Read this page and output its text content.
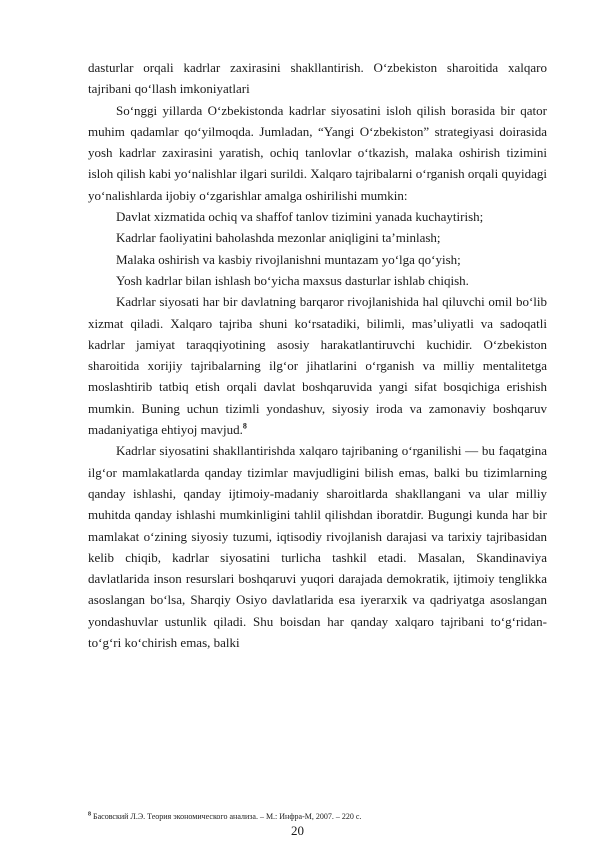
dasturlar orqali kadrlar zaxirasini shakllantirish. O‘zbekiston sharoitida xalqaro tajribani qo‘llash imkoniyatlari

So‘nggi yillarda O‘zbekistonda kadrlar siyosatini isloh qilish borasida bir qator muhim qadamlar qo‘yilmoqda. Jumladan, “Yangi O‘zbekiston” strategiyasi doirasida yosh kadrlar zaxirasini yaratish, ochiq tanlovlar o‘tkazish, malaka oshirish tizimini isloh qilish kabi yo‘nalishlar ilgari surildi. Xalqaro tajribalarni o‘rganish orqali quyidagi yo‘nalishlarda ijobiy o‘zgarishlar amalga oshirilishi mumkin:

Davlat xizmatida ochiq va shaffof tanlov tizimini yanada kuchaytirish;

Kadrlar faoliyatini baholashda mezonlar aniqligini ta’minlash;

Malaka oshirish va kasbiy rivojlanishni muntazam yo‘lga qo‘yish;

Yosh kadrlar bilan ishlash bo‘yicha maxsus dasturlar ishlab chiqish.

Kadrlar siyosati har bir davlatning barqaror rivojlanishida hal qiluvchi omil bo‘lib xizmat qiladi. Xalqaro tajriba shuni ko‘rsatadiki, bilimli, mas’uliyatli va sadoqatli kadrlar jamiyat taraqqiyotining asosiy harakatlantiruvchi kuchidir. O‘zbekiston sharoitida xorijiy tajribalarning ilg‘or jihatlarini o‘rganish va milliy mentalitetga moslashtirib tatbiq etish orqali davlat boshqaruvida yangi sifat bosqichiga erishish mumkin. Buning uchun tizimli yondashuv, siyosiy iroda va zamonaviy boshqaruv madaniyatiga ehtiyoj mavjud.$^8$

Kadrlar siyosatini shakllantirishda xalqaro tajribaning o‘rganilishi — bu faqatgina ilg‘or mamlakatlarda qanday tizimlar mavjudligini bilish emas, balki bu tizimlarning qanday ishlashi, qanday ijtimoiy-madaniy sharoitlarda shakllangani va ular milliy muhitda qanday ishlashi mumkinligini tahlil qilishdan iboratdir. Bugungi kunda har bir mamlakat o‘zining siyosiy tuzumi, iqtisodiy rivojlanish darajasi va tarixiy tajribasidan kelib chiqib, kadrlar siyosatini turlicha tashkil etadi. Masalan, Skandinaviya davlatlarida inson resurslari boshqaruvi yuqori darajada demokratik, ijtimoiy tenglikka asoslangan bo‘lsa, Sharqiy Osiyo davlatlarida esa iyerarxik va qadriyatga asoslangan yondashuvlar ustunlik qiladi. Shu boisdan har qanday xalqaro tajribani to‘g‘ridan-to‘g‘ri ko‘chirish emas, balki

$^8$ Басовский Л.Э. Теория экономического анализа. – М.: Инфра-М, 2007. – 220 с.
20
